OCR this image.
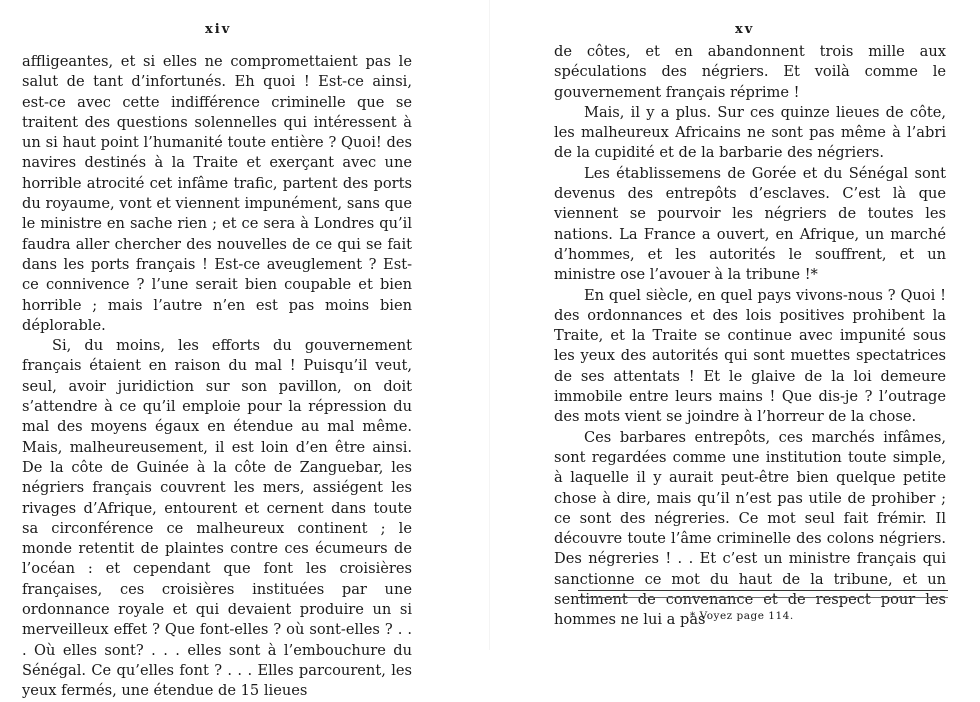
xiv

affligeantes, et si elles ne compromettaient pas le salut de tant d’infortunés. Eh quoi ! Est-ce ainsi, est-ce avec cette indifférence criminelle que se traitent des questions solennelles qui intéressent à un si haut point l’humanité toute entière ? Quoi! des navires destinés à la Traite et exerçant avec une horrible atrocité cet infâme trafic, partent des ports du royaume, vont et viennent impunément, sans que le ministre en sache rien ; et ce sera à Londres qu’il faudra aller chercher des nouvelles de ce qui se fait dans les ports français ! Est-ce aveuglement ? Est-ce connivence ? l’une serait bien coupable et bien horrible ; mais l’autre n’en est pas moins bien déplorable.

Si, du moins, les efforts du gouvernement français étaient en raison du mal ! Puisqu’il veut, seul, avoir juridiction sur son pavillon, on doit s’attendre à ce qu’il emploie pour la répression du mal des moyens égaux en étendue au mal même. Mais, malheureusement, il est loin d’en être ainsi. De la côte de Guinée à la côte de Zanguebar, les négriers français couvrent les mers, assiégent les rivages d’Afrique, entourent et cernent dans toute sa circonférence ce malheureux continent ; le monde retentit de plaintes contre ces écumeurs de l’océan : et cependant que font les croisières françaises, ces croisières instituées par une ordonnance royale et qui devaient produire un si merveilleux effet ? Que font-elles ? où sont-elles ? . . . Où elles sont? . . . elles sont à l’embouchure du Sénégal. Ce qu’elles font ? . . . Elles parcourent, les yeux fermés, une étendue de 15 lieues

xv

de côtes, et en abandonnent trois mille aux spéculations des négriers. Et voilà comme le gouvernement français réprime !

Mais, il y a plus. Sur ces quinze lieues de côte, les malheureux Africains ne sont pas même à l’abri de la cupidité et de la barbarie des négriers.

Les établissemens de Gorée et du Sénégal sont devenus des entrepôts d’esclaves. C’est là que viennent se pourvoir les négriers de toutes les nations. La France a ouvert, en Afrique, un marché d’hommes, et les autorités le souffrent, et un ministre ose l’avouer à la tribune !*

En quel siècle, en quel pays vivons-nous ? Quoi ! des ordonnances et des lois positives prohibent la Traite, et la Traite se continue avec impunité sous les yeux des autorités qui sont muettes spectatrices de ses attentats ! Et le glaive de la loi demeure immobile entre leurs mains ! Que dis-je ? l’outrage des mots vient se joindre à l’horreur de la chose.

Ces barbares entrepôts, ces marchés infâmes, sont regardées comme une institution toute simple, à laquelle il y aurait peut-être bien quelque petite chose à dire, mais qu’il n’est pas utile de prohiber ; ce sont des négreries. Ce mot seul fait frémir. Il découvre toute l’âme criminelle des colons négriers. Des négreries ! . . Et c’est un ministre français qui sanctionne ce mot du haut de la tribune, et un sentiment de convenance et de respect pour les hommes ne lui a pas

* Voyez page 114.
